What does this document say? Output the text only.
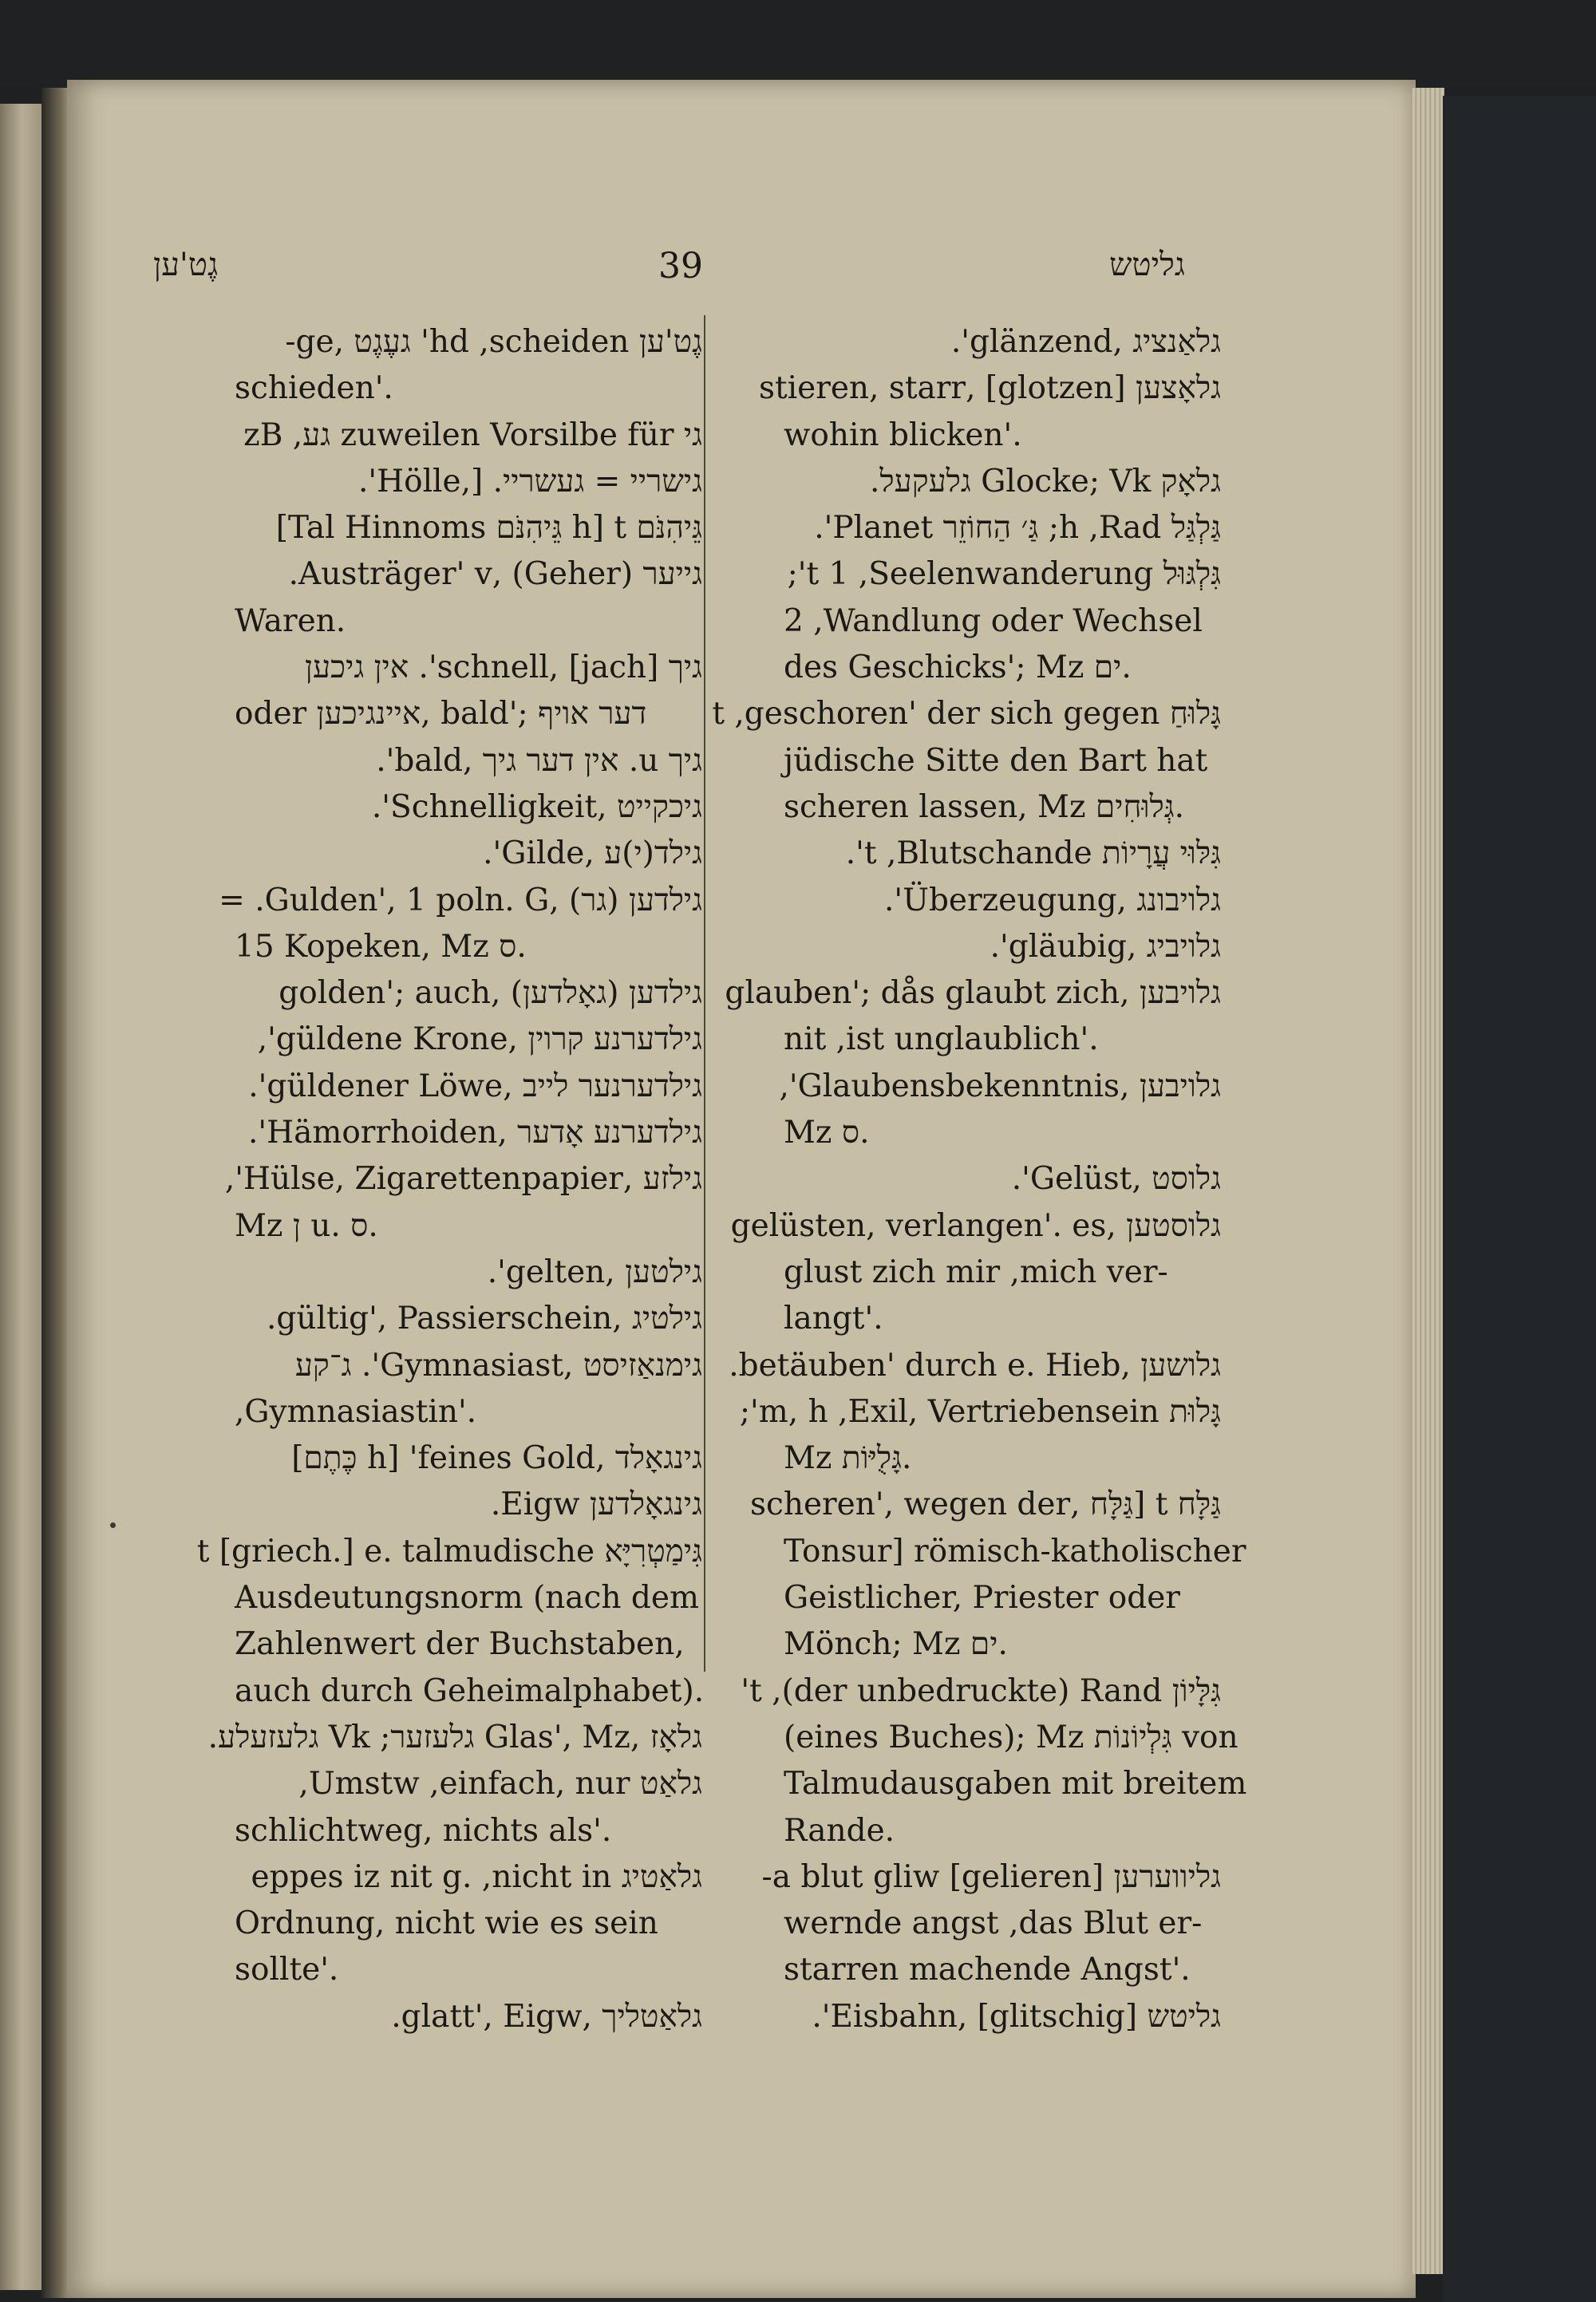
גֶט'ען	39	גליטש
גֶט'ען hd ,scheiden' געֶגֶט ,ge-
schieden'.
גי zuweilen Vorsilbe für גע, zB
גישריי = געשריי. [,Hölle'.
גֵּיהִנֹּם t [h גֵּיהִנֹּם Tal Hinnoms]
גייער (Geher) ,Austräger' v.
Waren.
גיך [jach] ,schnell'. אין גיכען
oder איינגיכען, bald'; דער אויף
גיך u. אין דער גיך ,bald'.
גיכקייט ,Schnelligkeit'.
גילד(י)ע ,Gilde'.
גילדען (גר) ,Gulden', 1 poln. G. =
15 Kopeken, Mz ס.
גילדען (גאָלדען) ,golden'; auch
גילדערנע קרוין ,güldene Krone',
גילדערנער לייב ,güldener Löwe'.
גילדערנע אָדער ,Hämorrhoiden'.
גילזע ,Hülse, Zigarettenpapier',
Mz ן u. ס.
גילטען ,gelten'.
גילטיג ,gültig', Passierschein.
גימנאַזיסט ,Gymnasiast'. ג־קע
,Gymnasiastin'.
גינגאָלד ,feines Gold' [h כֶּתֶם]
גינגאָלדען Eigw.
גִּימַטְרִיָּא t [griech.] e. talmudische
Ausdeutungsnorm (nach dem
Zahlenwert der Buchstaben,
auch durch Geheimalphabet).
גלאָז ,Glas', Mz גלעזער; Vk גלעזעלע.
גלאַט Umstw ,einfach, nur,
schlichtweg, nichts als'.
גלאַטיג eppes iz nit g. ,nicht in
Ordnung, nicht wie es sein
sollte'.
גלאַטליך ,glatt', Eigw.
גלאַנציג ,glänzend'.
גלאָצען [glotzen] ,stieren, starr
wohin blicken'.
גלאָק Glocke; Vk גלעקעל.
גַּלְגַּל h ,Rad; גַּ׳ הַחוֹזֵר Planet'.
גִּלְגּוּל t 1 ,Seelenwanderung';
2 ,Wandlung oder Wechsel
des Geschicks'; Mz ים.
גָּלוּחַ t ,geschoren' der sich gegen
jüdische Sitte den Bart hat
scheren lassen, Mz גְּלוּחִים.
גִּלּוּי עֲרָיוֹת t ,Blutschande'.
גלויבונג ,Überzeugung'.
גלויביג ,gläubig'.
גלויבען ,glauben'; dås glaubt zich
nit ,ist unglaublich'.
גלויבען ,Glaubensbekenntnis',
Mz ס.
גלוסט ,Gelüst'.
גלוסטען ,gelüsten, verlangen'. es
glust zich mir ,mich ver-
langt'.
גלושען ,betäuben' durch e. Hieb.
גָּלוּת m, h ,Exil, Vertriebensein';
Mz גָּלֻיּוֹת.
גַּלָּח t [גַּלָּח ,scheren', wegen der
Tonsur] römisch-katholischer
Geistlicher, Priester oder
Mönch; Mz ים.
גִּלָּיוֹן t ,(der unbedruckte) Rand'
(eines Buches); Mz גִּלְיוֹנוֹת von
Talmudausgaben mit breitem
Rande.
גליווערען [gelieren] a blut gliw-
wernde angst ,das Blut er-
starren machende Angst'.
גליטש [glitschig] ,Eisbahn'.
